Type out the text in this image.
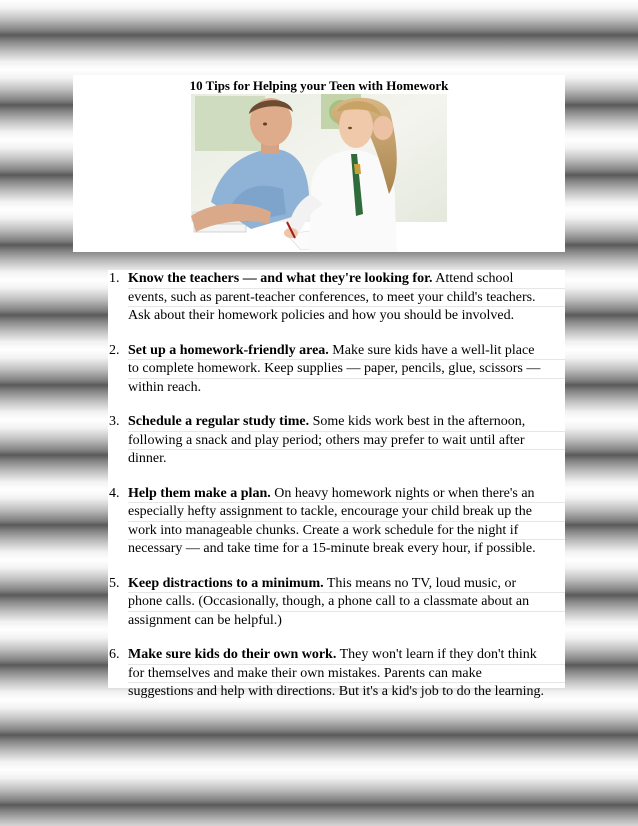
10 Tips for Helping your Teen with Homework
1. Know the teachers — and what they're looking for. Attend school
events, such as parent-teacher conferences, to meet your child's teachers.
Ask about their homework policies and how you should be involved.
2. Set up a homework-friendly area. Make sure kids have a well-lit place
to complete homework. Keep supplies — paper, pencils, glue, scissors —
within reach.
3. Schedule a regular study time. Some kids work best in the afternoon,
following a snack and play period; others may prefer to wait until after
dinner.
4. Help them make a plan. On heavy homework nights or when there's an
especially hefty assignment to tackle, encourage your child break up the
work into manageable chunks. Create a work schedule for the night if
necessary — and take time for a 15-minute break every hour, if possible.
5. Keep distractions to a minimum. This means no TV, loud music, or
phone calls. (Occasionally, though, a phone call to a classmate about an
assignment can be helpful.)
6. Make sure kids do their own work. They won't learn if they don't think
for themselves and make their own mistakes. Parents can make
suggestions and help with directions. But it's a kid's job to do the learning.
